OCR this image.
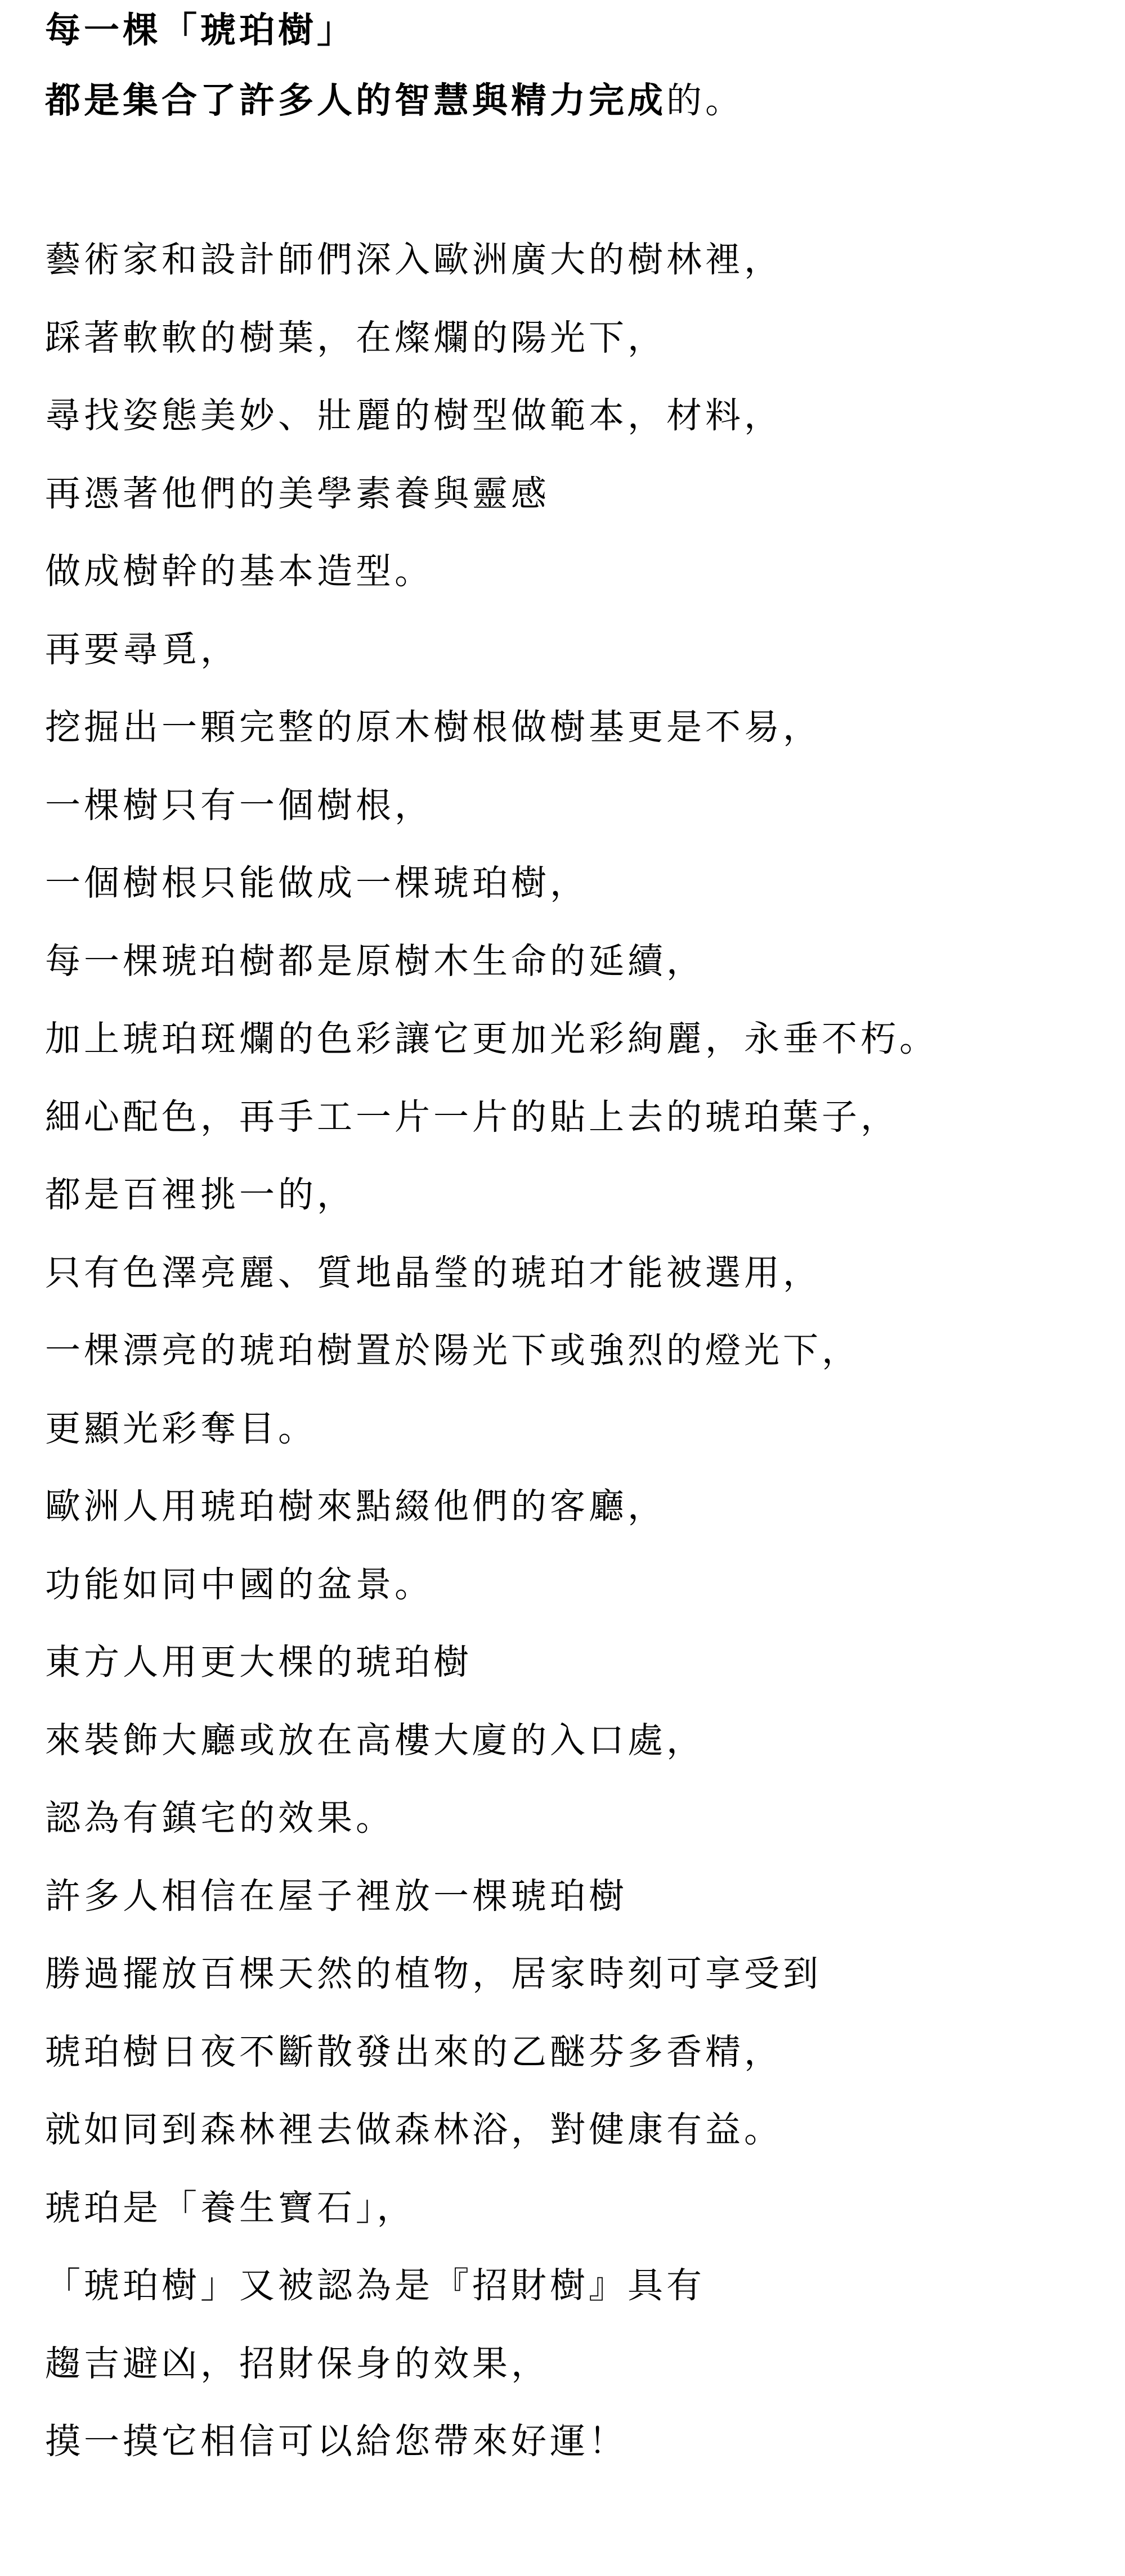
每一棵「琥珀樹」
都是集合了許多人的智慧與精力完成的。
藝術家和設計師們深入歐洲廣大的樹林裡，
踩著軟軟的樹葉，在燦爛的陽光下，
尋找姿態美妙、壯麗的樹型做範本，材料，
再憑著他們的美學素養與靈感
做成樹幹的基本造型。
再要尋覓，
挖掘出一顆完整的原木樹根做樹基更是不易，
一棵樹只有一個樹根，
一個樹根只能做成一棵琥珀樹，
每一棵琥珀樹都是原樹木生命的延續，
加上琥珀斑爛的色彩讓它更加光彩絢麗，永垂不朽。
細心配色，再手工一片一片的貼上去的琥珀葉子，
都是百裡挑一的，
只有色澤亮麗、質地晶瑩的琥珀才能被選用，
一棵漂亮的琥珀樹置於陽光下或強烈的燈光下，
更顯光彩奪目。
歐洲人用琥珀樹來點綴他們的客廳，
功能如同中國的盆景。
東方人用更大棵的琥珀樹
來裝飾大廳或放在高樓大廈的入口處，
認為有鎮宅的效果。
許多人相信在屋子裡放一棵琥珀樹
勝過擺放百棵天然的植物，居家時刻可享受到
琥珀樹日夜不斷散發出來的乙醚芬多香精，
就如同到森林裡去做森林浴，對健康有益。
琥珀是「養生寶石」，
「琥珀樹」又被認為是『招財樹』具有
趨吉避凶，招財保身的效果，
摸一摸它相信可以給您帶來好運！
